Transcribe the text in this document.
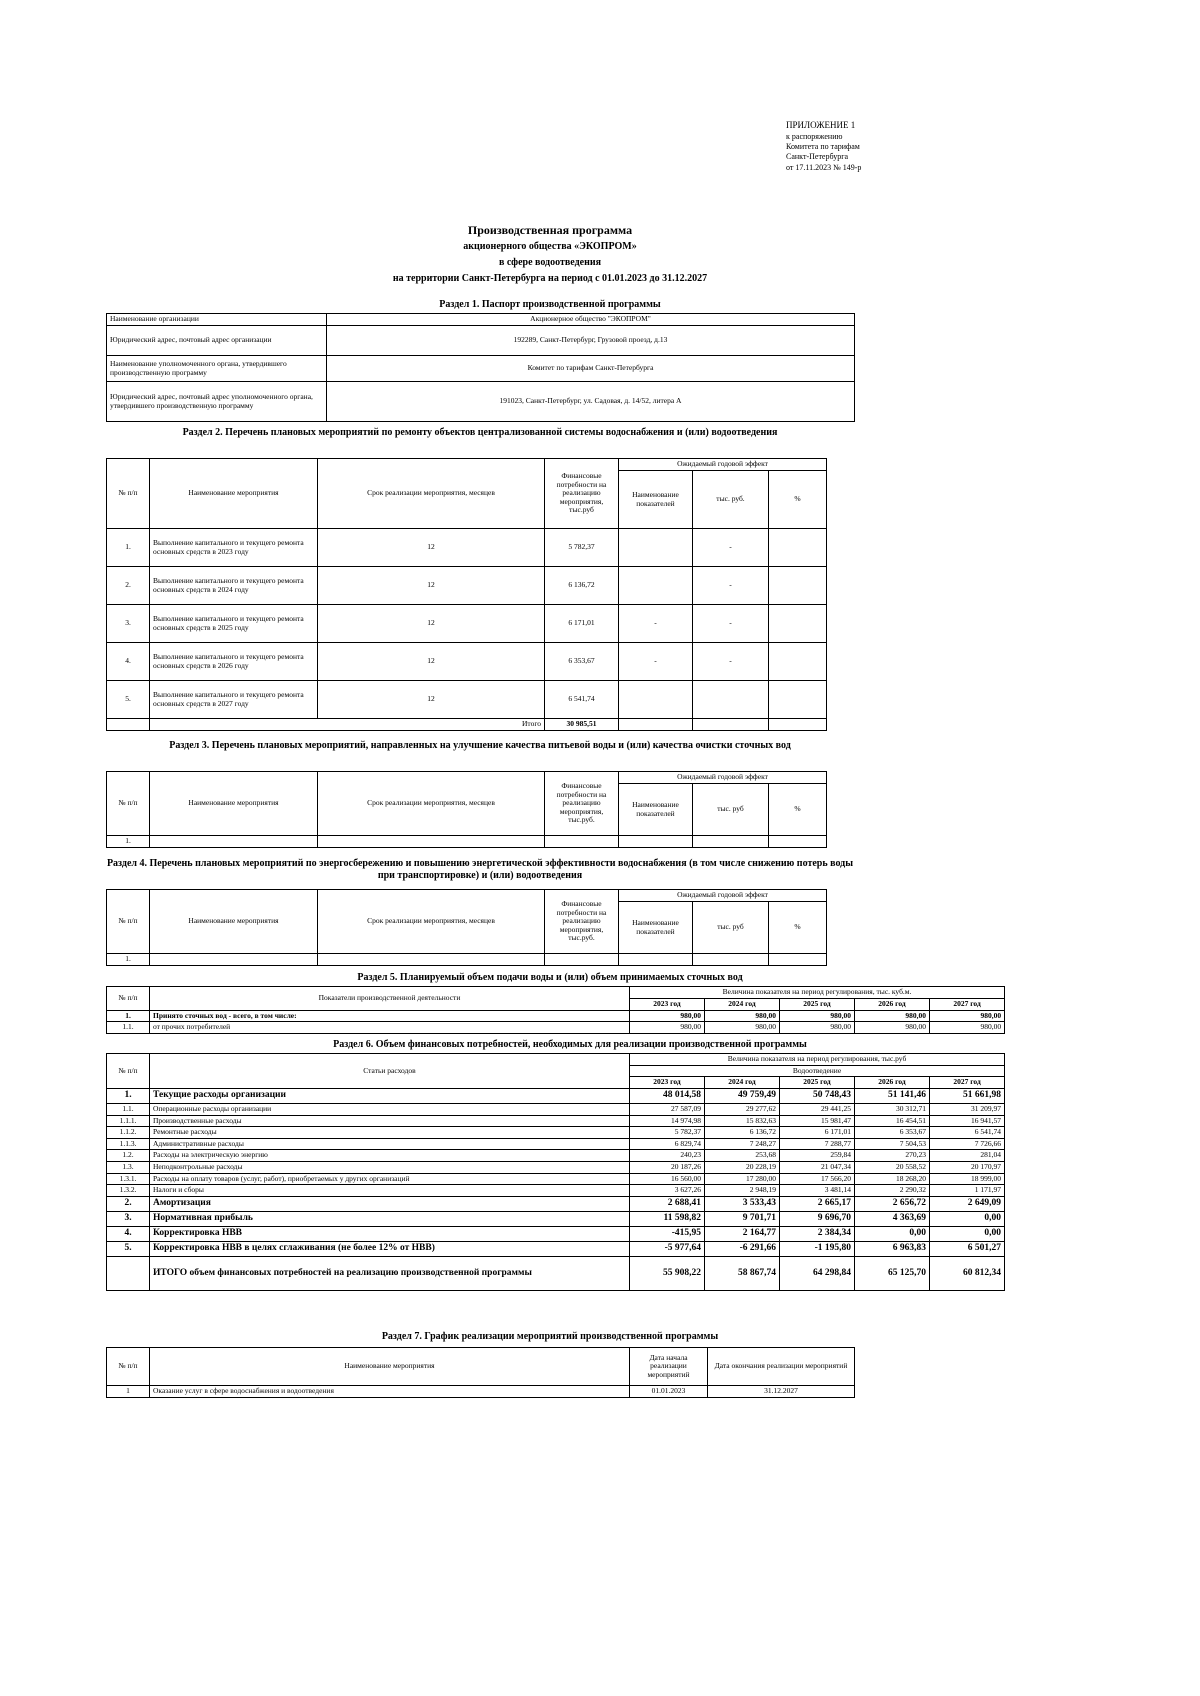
ПРИЛОЖЕНИЕ 1
к распоряжению
Комитета по тарифам
Санкт-Петербурга
от 17.11.2023 № 149-р
Производственная программа
акционерного общества «ЭКОПРОМ»
в сфере водоотведения
на территории Санкт-Петербурга на период с 01.01.2023 до 31.12.2027
Раздел 1. Паспорт производственной программы
Наименование организации	Акционерное общество "ЭКОПРОМ"
Юридический адрес, почтовый адрес организации	192289, Санкт-Петербург, Грузовой проезд, д.13
Наименование уполномоченного органа, утвердившего производственную программу	Комитет по тарифам Санкт-Петербурга
Юридический адрес, почтовый адрес уполномоченного органа, утвердившего производственную программу	191023, Санкт-Петербург, ул. Садовая, д. 14/52, литера А
Раздел 2. Перечень плановых мероприятий по ремонту объектов централизованной системы водоснабжения и (или) водоотведения
№ п/п	Наименование мероприятия	Срок реализации мероприятия, месяцев	Финансовые потребности на реализацию мероприятия, тыс.руб	Ожидаемый годовой эффект		
				Наименование показателей	тыс. руб.	%
1.	Выполнение капитального и текущего ремонта основных средств в 2023 году	12	5 782,37		-	
2.	Выполнение капитального и текущего ремонта основных средств в 2024 году	12	6 136,72		-	
3.	Выполнение капитального и текущего ремонта основных средств в 2025 году	12	6 171,01	-	-	
4.	Выполнение капитального и текущего ремонта основных средств в 2026 году	12	6 353,67	-	-	
5.	Выполнение капитального и текущего ремонта основных средств в 2027 году	12	6 541,74			
	Итого		30 985,51			
Раздел 3. Перечень плановых мероприятий, направленных на улучшение качества питьевой воды и (или) качества очистки сточных вод
№ п/п	Наименование мероприятия	Срок реализации мероприятия, месяцев	Финансовые потребности на реализацию мероприятия, тыс.руб.	Ожидаемый годовой эффект		
				Наименование показателей	тыс. руб	%
1.						
Раздел 4. Перечень плановых мероприятий по энергосбережению и повышению энергетической эффективности водоснабжения (в том числе снижению потерь воды при транспортировке) и (или) водоотведения
№ п/п	Наименование мероприятия	Срок реализации мероприятия, месяцев	Финансовые потребности на реализацию мероприятия, тыс.руб.	Ожидаемый годовой эффект		
				Наименование показателей	тыс. руб	%
1.						
Раздел 5. Планируемый объем подачи воды и (или) объем принимаемых сточных вод
№ п/п	Показатели производственной деятельности	Величина показателя на период регулирования, тыс. куб.м.				
		2023 год	2024 год	2025 год	2026 год	2027 год
1.	Принято сточных вод - всего, в том числе:	980,00	980,00	980,00	980,00	980,00
1.1.	от прочих потребителей	980,00	980,00	980,00	980,00	980,00
Раздел 6. Объем финансовых потребностей, необходимых для реализации производственной программы
№ п/п	Статьи расходов	Величина показателя на период регулирования, тыс.руб				
		Водоотведение				
		2023 год	2024 год	2025 год	2026 год	2027 год
1.	Текущие расходы организации	48 014,58	49 759,49	50 748,43	51 141,46	51 661,98
1.1.	Операционные расходы организации	27 587,09	29 277,62	29 441,25	30 312,71	31 209,97
1.1.1.	Производственные расходы	14 974,98	15 832,63	15 981,47	16 454,51	16 941,57
1.1.2.	Ремонтные расходы	5 782,37	6 136,72	6 171,01	6 353,67	6 541,74
1.1.3.	Административные расходы	6 829,74	7 248,27	7 288,77	7 504,53	7 726,66
1.2.	Расходы на электрическую энергию	240,23	253,68	259,84	270,23	281,04
1.3.	Неподконтрольные расходы	20 187,26	20 228,19	21 047,34	20 558,52	20 170,97
1.3.1.	Расходы на оплату товаров (услуг, работ), приобретаемых у других организаций	16 560,00	17 280,00	17 566,20	18 268,20	18 999,00
1.3.2.	Налоги и сборы	3 627,26	2 948,19	3 481,14	2 290,32	1 171,97
2.	Амортизация	2 688,41	3 533,43	2 665,17	2 656,72	2 649,09
3.	Нормативная прибыль	11 598,82	9 701,71	9 696,70	4 363,69	0,00
4.	Корректировка НВВ	-415,95	2 164,77	2 384,34	0,00	0,00
5.	Корректировка НВВ в целях сглаживания (не более 12% от НВВ)	-5 977,64	-6 291,66	-1 195,80	6 963,83	6 501,27
	ИТОГО объем финансовых потребностей на реализацию производственной программы	55 908,22	58 867,74	64 298,84	65 125,70	60 812,34
Раздел 7. График реализации мероприятий производственной программы
№ п/п	Наименование мероприятия	Дата начала реализации мероприятий	Дата окончания реализации мероприятий
1	Оказание услуг в сфере водоснабжения и водоотведения	01.01.2023	31.12.2027
